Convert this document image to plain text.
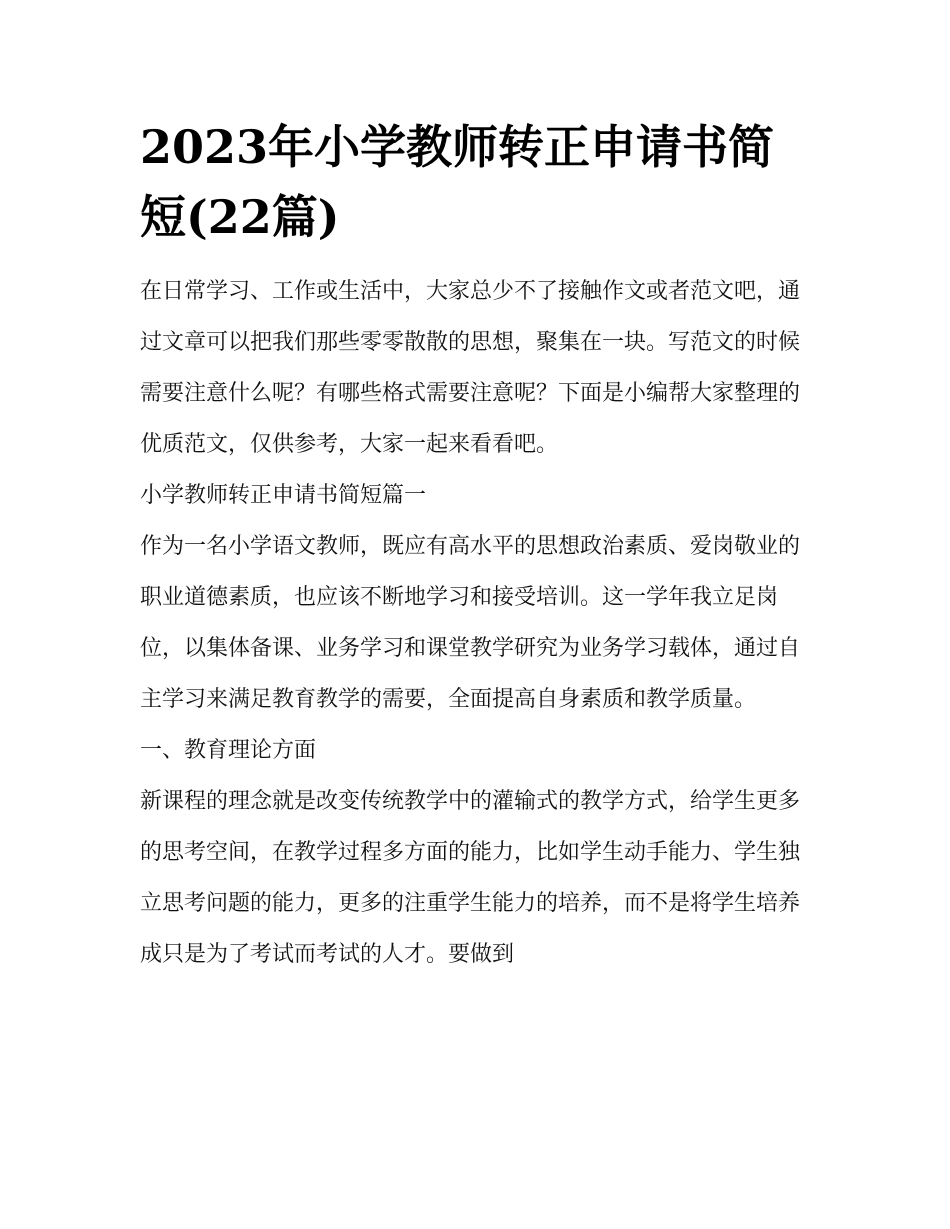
2023年小学教师转正申请书简短(22篇)

在日常学习、工作或生活中，大家总少不了接触作文或者范文吧，通过文章可以把我们那些零零散散的思想，聚集在一块。写范文的时候需要注意什么呢？有哪些格式需要注意呢？下面是小编帮大家整理的优质范文，仅供参考，大家一起来看看吧。

小学教师转正申请书简短篇一

作为一名小学语文教师，既应有高水平的思想政治素质、爱岗敬业的职业道德素质，也应该不断地学习和接受培训。这一学年我立足岗位，以集体备课、业务学习和课堂教学研究为业务学习载体，通过自主学习来满足教育教学的需要，全面提高自身素质和教学质量。

一、教育理论方面

新课程的理念就是改变传统教学中的灌输式的教学方式，给学生更多的思考空间，在教学过程多方面的能力，比如学生动手能力、学生独立思考问题的能力，更多的注重学生能力的培养，而不是将学生培养成只是为了考试而考试的人才。要做到
